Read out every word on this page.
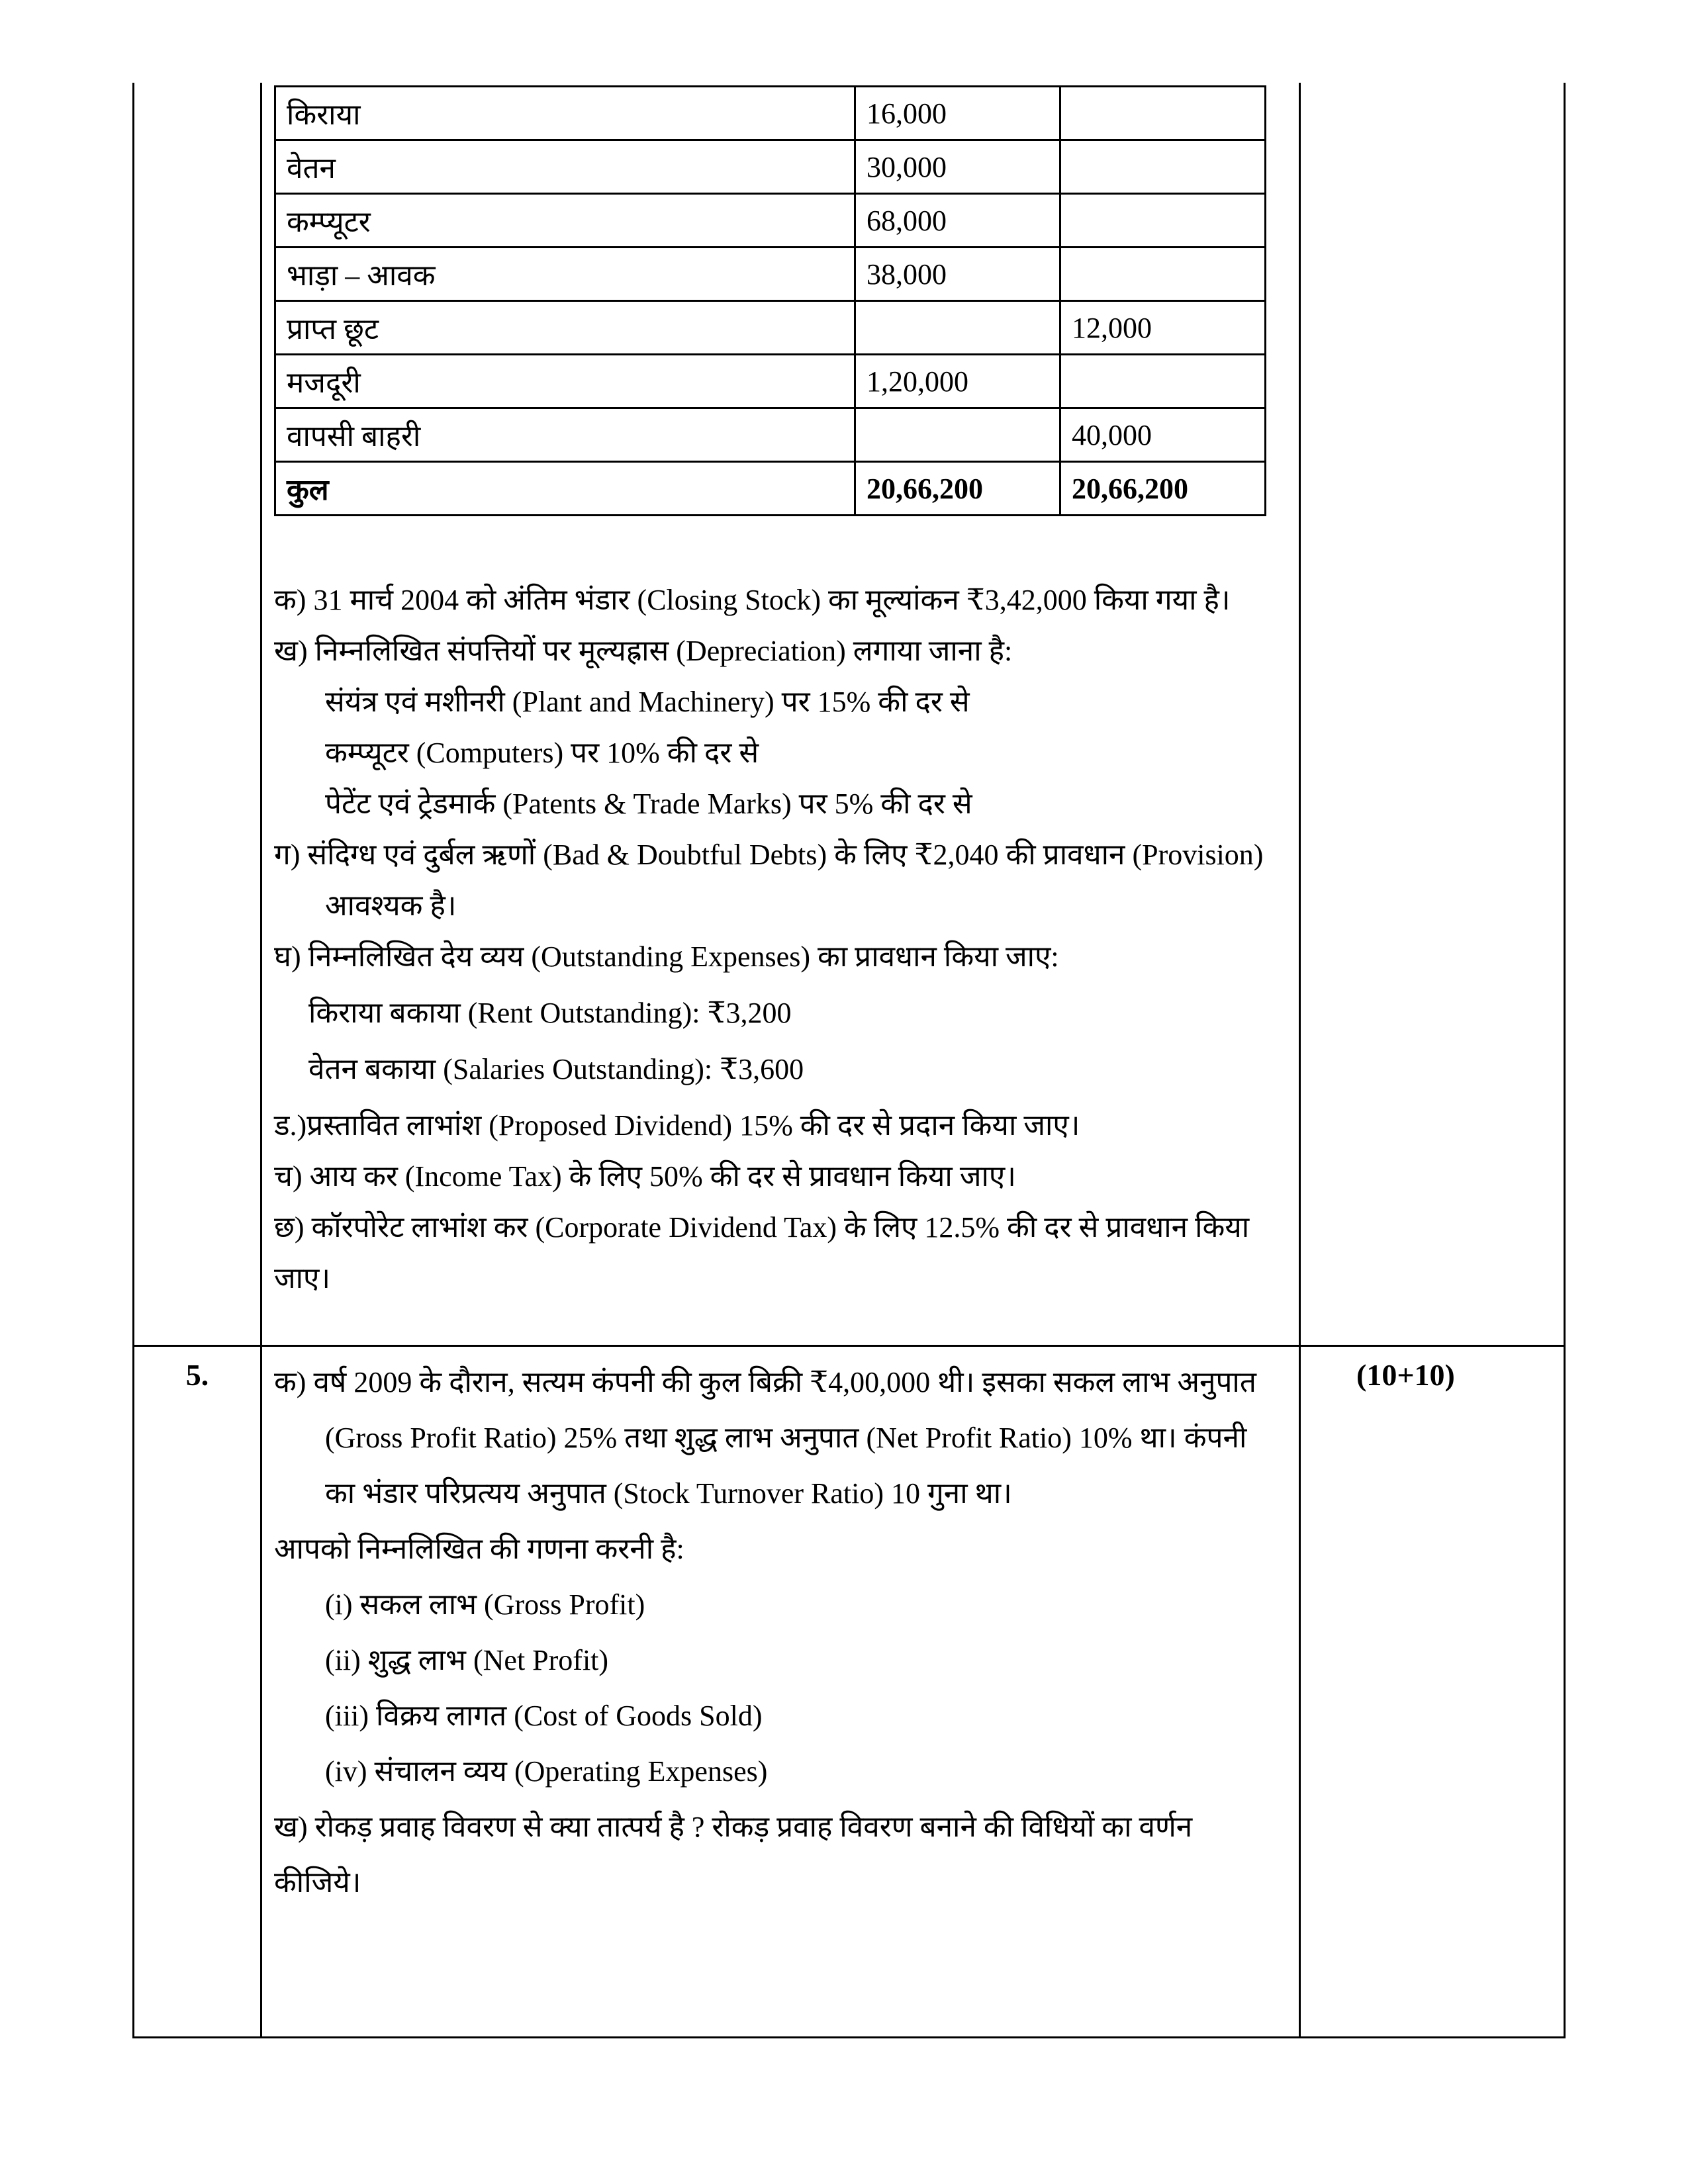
किराया	16,000	
वेतन	30,000	
कम्प्यूटर	68,000	
भाड़ा – आवक	38,000	
प्राप्त छूट		12,000
मजदूरी	1,20,000	
वापसी बाहरी		40,000
कुल	20,66,200	20,66,200
क) 31 मार्च 2004 को अंतिम भंडार (Closing Stock) का मूल्यांकन ₹3,42,000 किया गया है।
ख) निम्नलिखित संपत्तियों पर मूल्यह्रास (Depreciation) लगाया जाना है:
संयंत्र एवं मशीनरी (Plant and Machinery) पर 15% की दर से
कम्प्यूटर (Computers) पर 10% की दर से
पेटेंट एवं ट्रेडमार्क (Patents & Trade Marks) पर 5% की दर से
ग) संदिग्ध एवं दुर्बल ऋणों (Bad & Doubtful Debts) के लिए ₹2,040 की प्रावधान (Provision) आवश्यक है।
घ) निम्नलिखित देय व्यय (Outstanding Expenses) का प्रावधान किया जाए:
किराया बकाया (Rent Outstanding): ₹3,200
वेतन बकाया (Salaries Outstanding): ₹3,600
ड.)प्रस्तावित लाभांश (Proposed Dividend) 15% की दर से प्रदान किया जाए।
च) आय कर (Income Tax) के लिए 50% की दर से प्रावधान किया जाए।
छ) कॉरपोरेट लाभांश कर (Corporate Dividend Tax) के लिए 12.5% की दर से प्रावधान किया जाए।
5.	क) वर्ष 2009 के दौरान, सत्यम कंपनी की कुल बिक्री ₹4,00,000 थी। इसका सकल लाभ अनुपात (Gross Profit Ratio) 25% तथा शुद्ध लाभ अनुपात (Net Profit Ratio) 10% था। कंपनी का भंडार परिप्रत्यय अनुपात (Stock Turnover Ratio) 10 गुना था।
आपको निम्नलिखित की गणना करनी है:
(i) सकल लाभ (Gross Profit)
(ii) शुद्ध लाभ (Net Profit)
(iii) विक्रय लागत (Cost of Goods Sold)
(iv) संचालन व्यय (Operating Expenses)
ख) रोकड़ प्रवाह विवरण से क्या तात्पर्य है ? रोकड़ प्रवाह विवरण बनाने की विधियों का वर्णन कीजिये।
(10+10)
